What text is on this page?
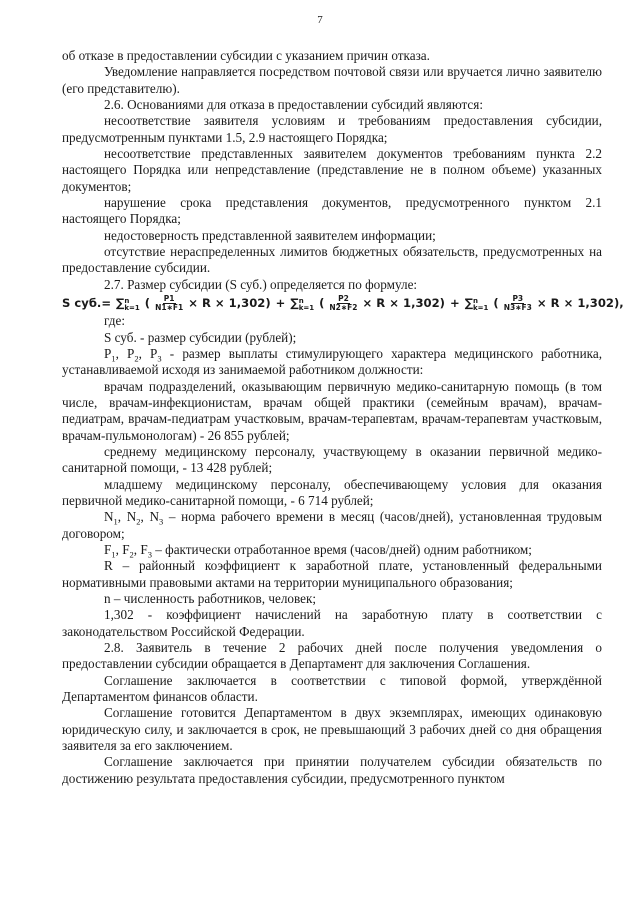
7

об отказе в предоставлении субсидии с указанием причин отказа.

Уведомление направляется посредством почтовой связи или вручается лично заявителю (его представителю).

2.6. Основаниями для отказа в предоставлении субсидий являются:

несоответствие заявителя условиям и требованиям предоставления субсидии, предусмотренным пунктами 1.5, 2.9 настоящего Порядка;

несоответствие представленных заявителем документов требованиям пункта 2.2 настоящего Порядка или непредставление (представление не в полном объеме) указанных документов;

нарушение срока представления документов, предусмотренного пунктом 2.1 настоящего Порядка;

недостоверность представленной заявителем информации;

отсутствие нераспределенных лимитов бюджетных обязательств, предусмотренных на предоставление субсидии.

2.7. Размер субсидии (S суб.) определяется по формуле:

S суб.= ∑ n
k=1 ( $\frac{P1}{N1∗F1} \times R \times 1,302$) + ∑ n
k=1 ( $\frac{P2}{N2∗F2} \times R \times 1,302$) + ∑ n
k=1 ( $\frac{P3}{N3∗F3} \times R \times 1,302$),

где:

S суб. - размер субсидии (рублей);

$P_1$, $P_2$, $P_3$ - размер выплаты стимулирующего характера медицинского работника, устанавливаемой исходя из занимаемой работником должности:

врачам подразделений, оказывающим первичную медико-санитарную помощь (в том числе, врачам-инфекционистам, врачам общей практики (семейным врачам), врачам-педиатрам, врачам-педиатрам участковым, врачам-терапевтам, врачам-терапевтам участковым, врачам-пульмонологам) - 26 855 рублей;

среднему медицинскому персоналу, участвующему в оказании первичной медико-санитарной помощи, - 13 428 рублей;

младшему медицинскому персоналу, обеспечивающему условия для оказания первичной медико-санитарной помощи, - 6 714 рублей;

$N_1$, $N_2$, $N_3$ – норма рабочего времени в месяц (часов/дней), установленная трудовым договором;

$F_1$, $F_2$, $F_3$ – фактически отработанное время (часов/дней) одним работником;

R – районный коэффициент к заработной плате, установленный федеральными нормативными правовыми актами на территории муниципального образования;

n – численность работников, человек;

1,302 - коэффициент начислений на заработную плату в соответствии с законодательством Российской Федерации.

2.8. Заявитель в течение 2 рабочих дней после получения уведомления о предоставлении субсидии обращается в Департамент для заключения Соглашения.

Соглашение заключается в соответствии с типовой формой, утверждённой Департаментом финансов области.

Соглашение готовится Департаментом в двух экземплярах, имеющих одинаковую юридическую силу, и заключается в срок, не превышающий 3 рабочих дней со дня обращения заявителя за его заключением.

Соглашение заключается при принятии получателем субсидии обязательств по достижению результата предоставления субсидии, предусмотренного пунктом
